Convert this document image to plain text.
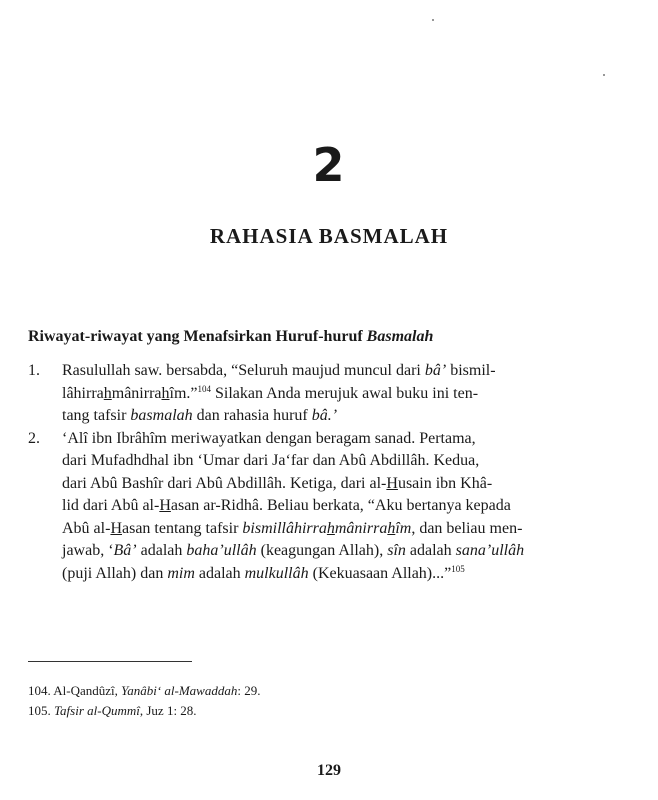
2
RAHASIA BASMALAH
Riwayat-riwayat yang Menafsirkan Huruf-huruf Basmalah
1.	Rasulullah saw. bersabda, “Seluruh maujud muncul dari bâ’ bismil-
lâhirrahmânirrahîm.”$^{104}$ Silakan Anda merujuk awal buku ini ten-
tang tafsir basmalah dan rahasia huruf bâ.’
2.	‘Alî ibn Ibrâhîm meriwayatkan dengan beragam sanad. Pertama,
dari Mufadhdhal ibn ‘Umar dari Ja‘far dan Abû Abdillâh. Kedua,
dari Abû Bashîr dari Abû Abdillâh. Ketiga, dari al-Husain ibn Khâ-
lid dari Abû al-Hasan ar-Ridhâ. Beliau berkata, “Aku bertanya kepada
Abû al-Hasan tentang tafsir bismillâhirrahmânirrahîm, dan beliau men-
jawab, ‘Bâ’ adalah baha’ullâh (keagungan Allah), sîn adalah sana’ullâh
(puji Allah) dan mim adalah mulkullâh (Kekuasaan Allah)...”$^{105}$
104. Al-Qandûzî, Yanâbi‘ al-Mawaddah: 29.
105. Tafsir al-Qummî, Juz 1: 28.
129
